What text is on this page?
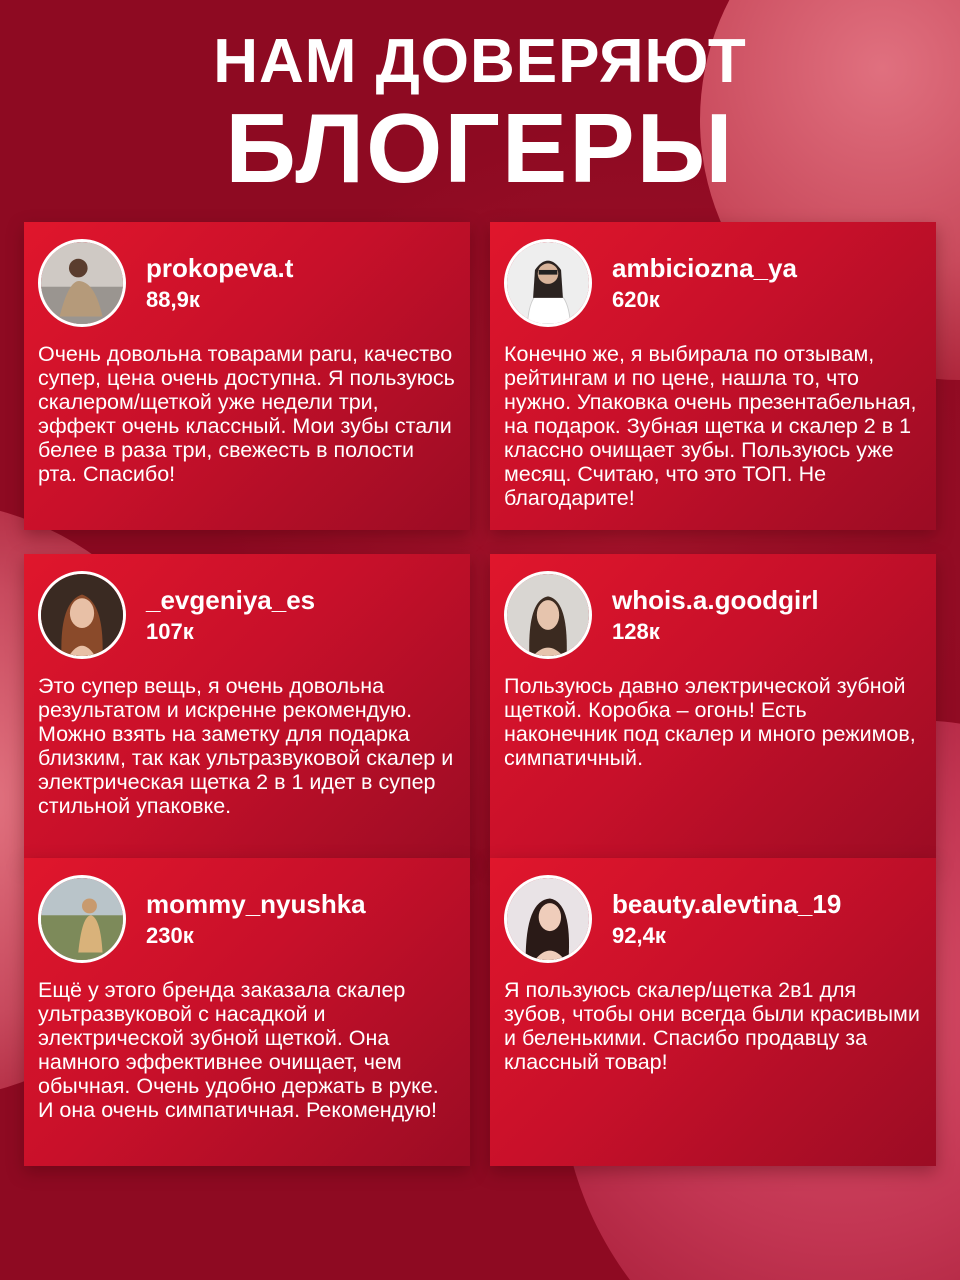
НАМ ДОВЕРЯЮТ
БЛОГЕРЫ
prokopeva.t
88,9к
Очень довольна товарами paru, качество супер, цена очень доступна. Я пользуюсь скалером/щеткой уже недели три, эффект очень классный. Мои зубы стали белее в раза три, свежесть в полости рта. Спасибо!
ambiciozna_ya
620к
Конечно же, я выбирала по отзывам, рейтингам и по цене, нашла то, что нужно. Упаковка очень презентабельная, на подарок. Зубная щетка и скалер 2 в 1 классно очищает зубы. Пользуюсь уже месяц. Считаю, что это ТОП. Не благодарите!
_evgeniya_es
107к
Это супер вещь, я очень довольна результатом и искренне рекомендую. Можно взять на заметку для подарка близким, так как ультразвуковой скалер и электрическая щетка 2 в 1 идет в супер стильной упаковке.
whois.a.goodgirl
128к
Пользуюсь давно электрической зубной щеткой. Коробка – огонь! Есть наконечник под скалер и много режимов, симпатичный.
mommy_nyushka
230к
Ещё у этого бренда заказала скалер ультразвуковой с насадкой и электрической зубной щеткой. Она намного эффективнее очищает, чем обычная. Очень удобно держать в руке. И она очень симпатичная. Рекомендую!
beauty.alevtina_19
92,4к
Я пользуюсь скалер/щетка 2в1 для зубов, чтобы они всегда были красивыми и беленькими. Спасибо продавцу за классный товар!
